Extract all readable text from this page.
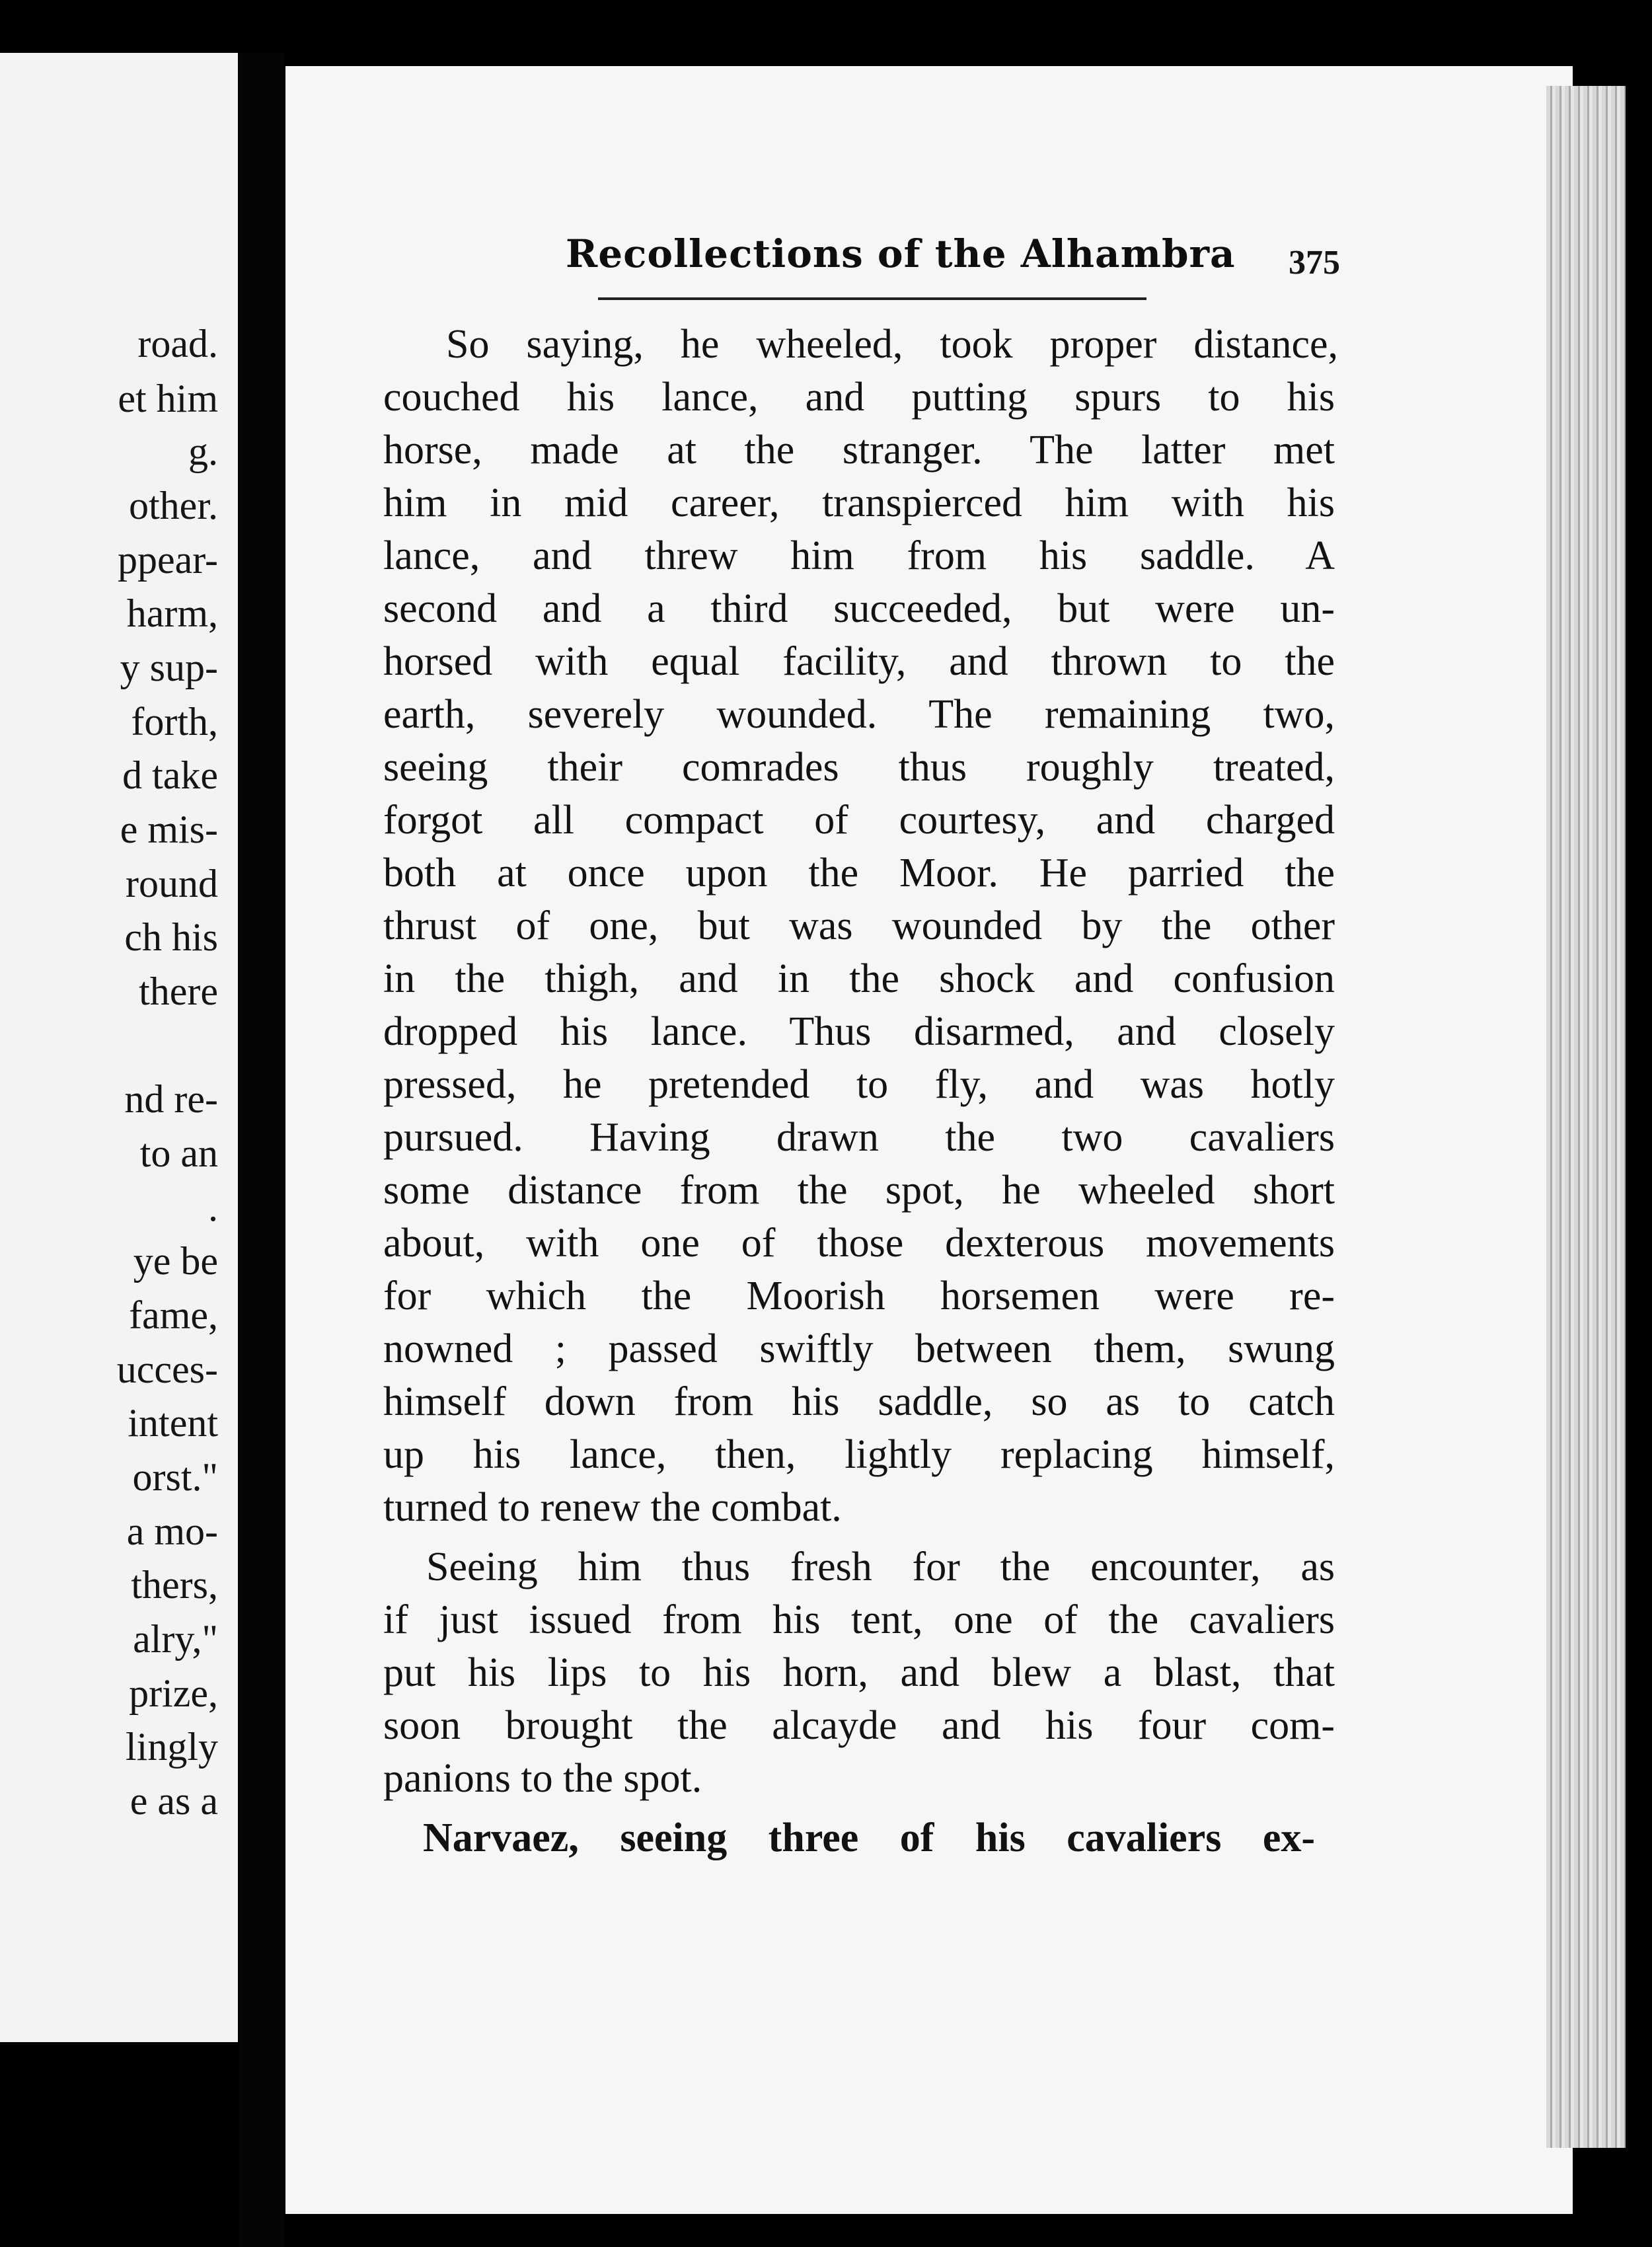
road.
et him
g.
other.
ppear-
harm,
y sup-
forth,
d take
e mis-
round
ch his
there
nd re-
to an
.
ye be
fame,
ucces-
intent
orst."
a mo-
thers,
alry,"
prize,
lingly
e as a
Recollections of the Alhambra 375
So saying, he wheeled, took proper distance,
couched his lance, and putting spurs to his
horse, made at the stranger. The latter met
him in mid career, transpierced him with his
lance, and threw him from his saddle. A
second and a third succeeded, but were un-
horsed with equal facility, and thrown to the
earth, severely wounded. The remaining two,
seeing their comrades thus roughly treated,
forgot all compact of courtesy, and charged
both at once upon the Moor. He parried the
thrust of one, but was wounded by the other
in the thigh, and in the shock and confusion
dropped his lance. Thus disarmed, and closely
pressed, he pretended to fly, and was hotly
pursued. Having drawn the two cavaliers
some distance from the spot, he wheeled short
about, with one of those dexterous movements
for which the Moorish horsemen were re-
nowned ; passed swiftly between them, swung
himself down from his saddle, so as to catch
up his lance, then, lightly replacing himself,
turned to renew the combat.
Seeing him thus fresh for the encounter, as
if just issued from his tent, one of the cavaliers
put his lips to his horn, and blew a blast, that
soon brought the alcayde and his four com-
panions to the spot.
Narvaez, seeing three of his cavaliers ex-
